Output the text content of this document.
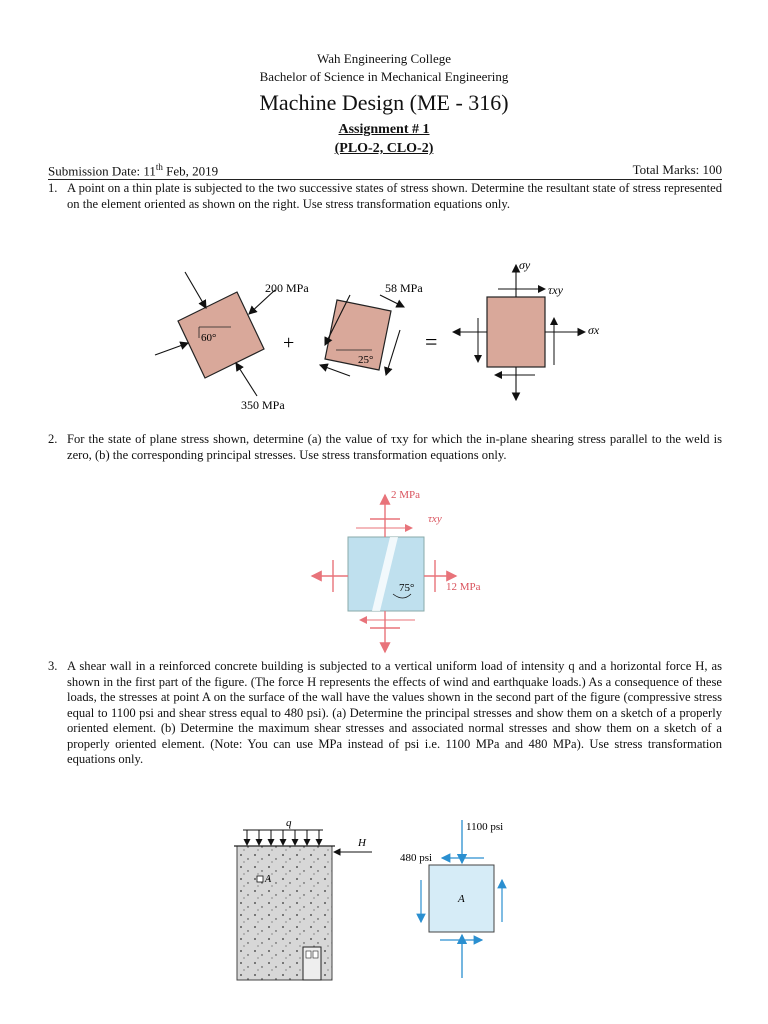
Wah Engineering College
Bachelor of Science in Mechanical Engineering
Machine Design (ME - 316)
Assignment # 1
(PLO-2, CLO-2)
Submission Date: 11th Feb, 2019	Total Marks: 100
1. A point on a thin plate is subjected to the two successive states of stress shown. Determine the resultant state of stress represented on the element oriented as shown on the right. Use stress transformation equations only.
60°
200 MPa
350 MPa
+
25°
58 MPa
=
σy
τxy
σx
2. For the state of plane stress shown, determine (a) the value of τxy for which the in-plane shearing stress parallel to the weld is zero, (b) the corresponding principal stresses. Use stress transformation equations only.
75°
2 MPa
τxy
12 MPa
3. A shear wall in a reinforced concrete building is subjected to a vertical uniform load of intensity q and a horizontal force H, as shown in the first part of the figure. (The force H represents the effects of wind and earthquake loads.) As a consequence of these loads, the stresses at point A on the surface of the wall have the values shown in the second part of the figure (compressive stress equal to 1100 psi and shear stress equal to 480 psi). (a) Determine the principal stresses and show them on a sketch of a properly oriented element. (b) Determine the maximum shear stresses and associated normal stresses and show them on a sketch of a properly oriented element. (Note: You can use MPa instead of psi i.e. 1100 MPa and 480 MPa). Use stress transformation equations only.
q
H
A
A
1100 psi
480 psi
